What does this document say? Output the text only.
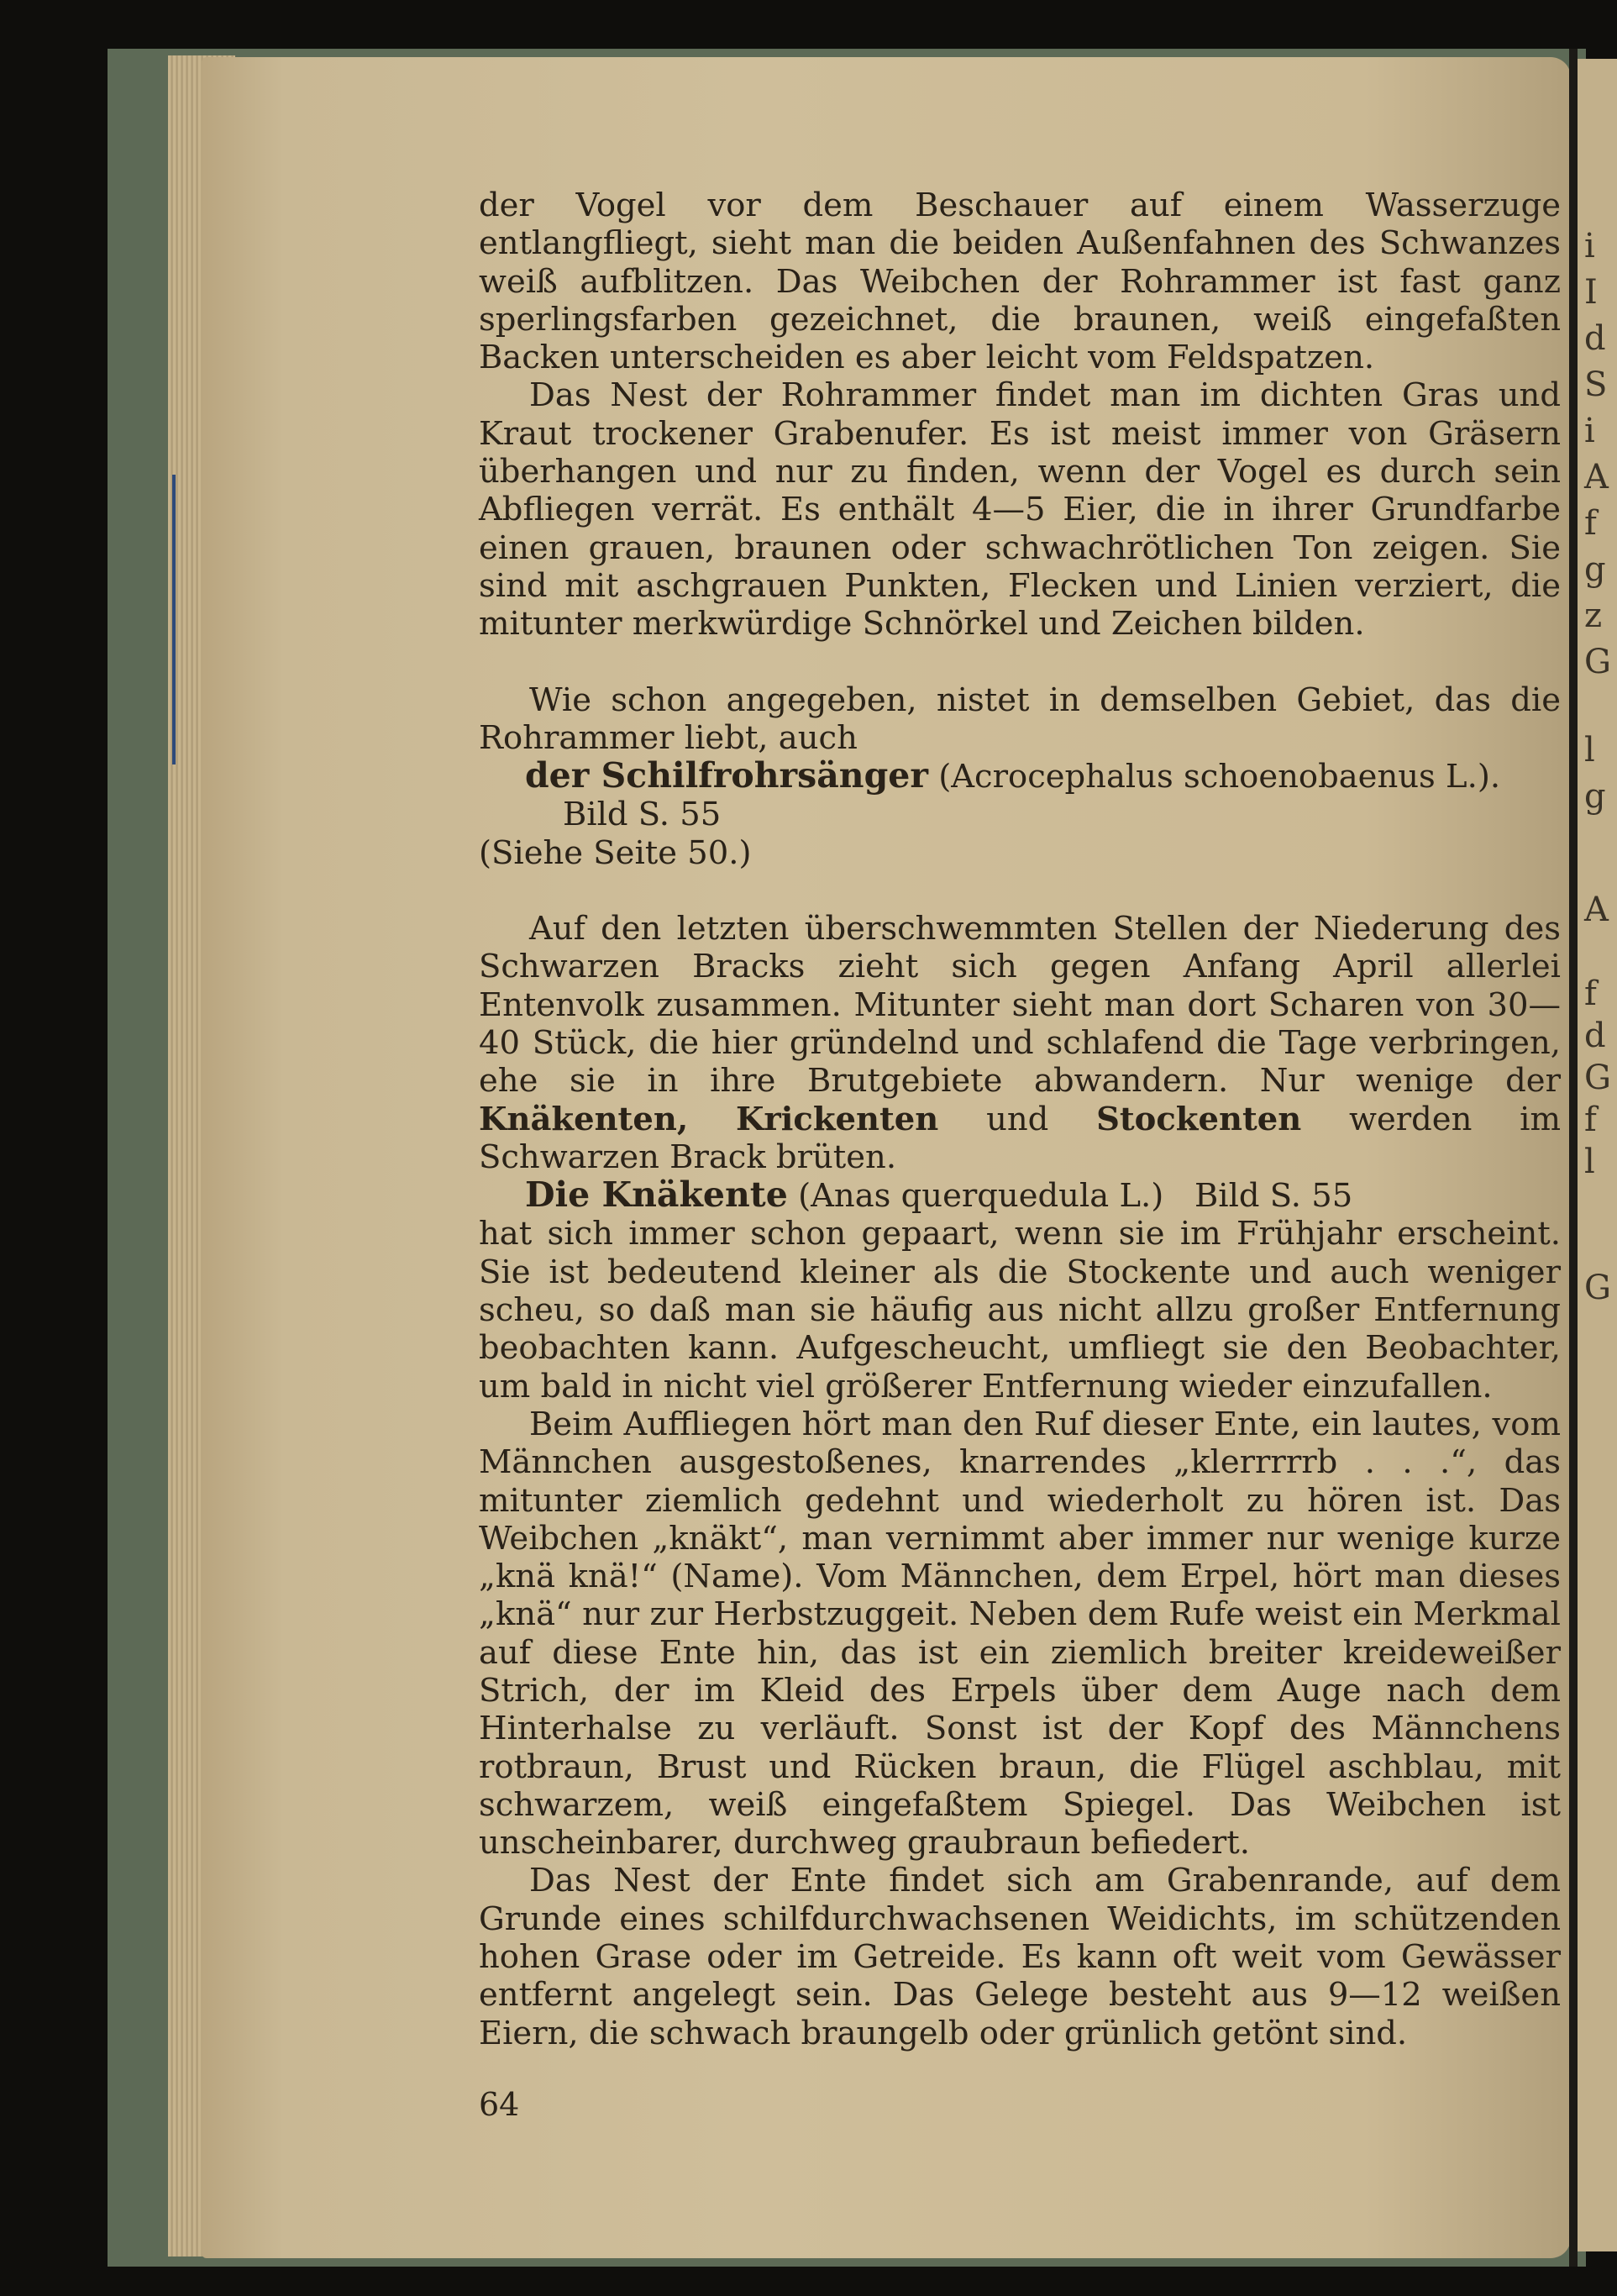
i
I
d
S
i
A
f
g
z
G
l
g
A
f
d
G
f
l
G

der Vogel vor dem Beschauer auf einem Wasserzuge entlangfliegt, sieht man die beiden Außenfahnen des Schwanzes weiß aufblitzen. Das Weibchen der Rohrammer ist fast ganz sperlingsfarben gezeichnet, die braunen, weiß eingefaßten Backen unterscheiden es aber leicht vom Feldspatzen.

Das Nest der Rohrammer findet man im dichten Gras und Kraut trockener Grabenufer. Es ist meist immer von Gräsern überhangen und nur zu finden, wenn der Vogel es durch sein Abfliegen verrät. Es enthält 4—5 Eier, die in ihrer Grundfarbe einen grauen, braunen oder schwachrötlichen Ton zeigen. Sie sind mit aschgrauen Punkten, Flecken und Linien verziert, die mitunter merkwürdige Schnörkel und Zeichen bilden.

Wie schon angegeben, nistet in demselben Gebiet, das die Rohrammer liebt, auch

der Schilfrohrsänger (Acrocephalus schoenobaenus L.).

Bild S. 55

(Siehe Seite 50.)

Auf den letzten überschwemmten Stellen der Niederung des Schwarzen Bracks zieht sich gegen Anfang April allerlei Entenvolk zusammen. Mitunter sieht man dort Scharen von 30—40 Stück, die hier gründelnd und schlafend die Tage verbringen, ehe sie in ihre Brutgebiete abwandern. Nur wenige der Knäkenten, Krickenten und Stockenten werden im Schwarzen Brack brüten.

Die Knäkente (Anas querquedula L.) Bild S. 55

hat sich immer schon gepaart, wenn sie im Frühjahr erscheint. Sie ist bedeutend kleiner als die Stockente und auch weniger scheu, so daß man sie häufig aus nicht allzu großer Entfernung beobachten kann. Aufgescheucht, umfliegt sie den Beobachter, um bald in nicht viel größerer Entfernung wieder einzufallen.

Beim Auffliegen hört man den Ruf dieser Ente, ein lautes, vom Männchen ausgestoßenes, knarrendes „klerrrrrb . . .“, das mitunter ziemlich gedehnt und wiederholt zu hören ist. Das Weibchen „knäkt“, man vernimmt aber immer nur wenige kurze „knä knä!“ (Name). Vom Männchen, dem Erpel, hört man dieses „knä“ nur zur Herbstzuggeit. Neben dem Rufe weist ein Merkmal auf diese Ente hin, das ist ein ziemlich breiter kreideweißer Strich, der im Kleid des Erpels über dem Auge nach dem Hinterhalse zu verläuft. Sonst ist der Kopf des Männchens rotbraun, Brust und Rücken braun, die Flügel aschblau, mit schwarzem, weiß eingefaßtem Spiegel. Das Weibchen ist unscheinbarer, durchweg graubraun befiedert.

Das Nest der Ente findet sich am Grabenrande, auf dem Grunde eines schilfdurchwachsenen Weidichts, im schützenden hohen Grase oder im Getreide. Es kann oft weit vom Gewässer entfernt angelegt sein. Das Gelege besteht aus 9—12 weißen Eiern, die schwach braungelb oder grünlich getönt sind.

64
